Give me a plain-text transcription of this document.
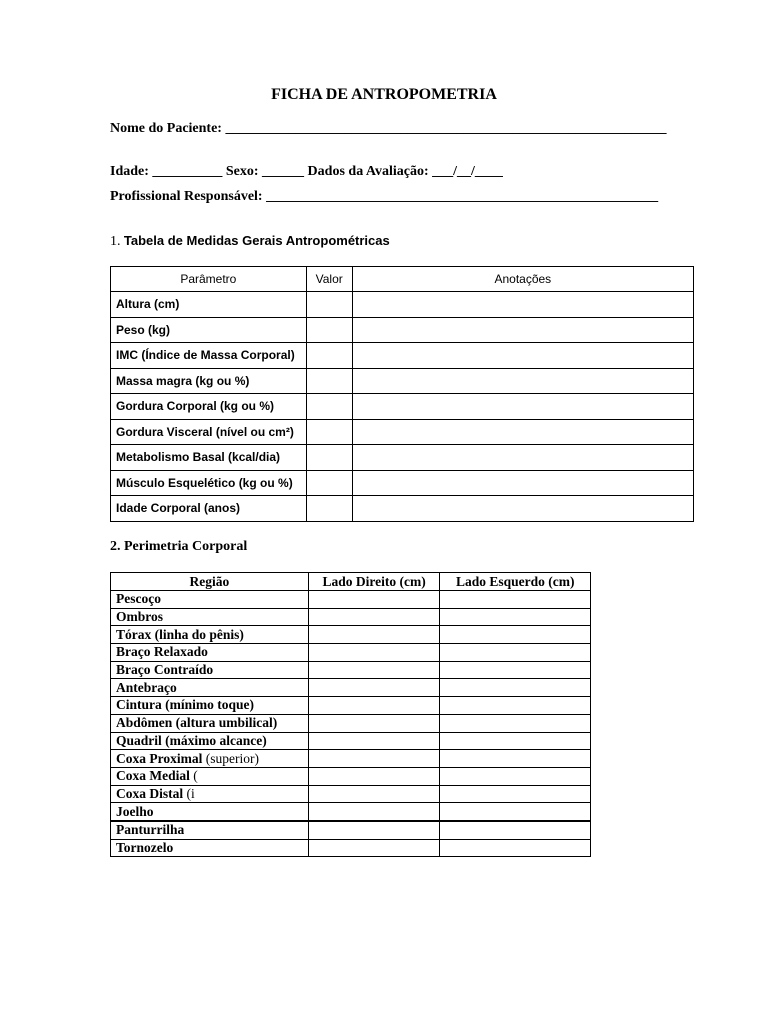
FICHA DE ANTROPOMETRIA
Nome do Paciente: _______________________________________________________________
Idade: __________ Sexo: ______ Dados da Avaliação: ___/__/____
Profissional Responsável: ________________________________________________________
1. Tabela de Medidas Gerais Antropométricas
Parâmetro	Valor	Anotações
Altura (cm)		
Peso (kg)		
IMC (Índice de Massa Corporal)		
Massa magra (kg ou %)		
Gordura Corporal (kg ou %)		
Gordura Visceral (nível ou cm²)		
Metabolismo Basal (kcal/dia)		
Músculo Esquelético (kg ou %)		
Idade Corporal (anos)		
2. Perimetria Corporal
Região	Lado Direito (cm)	Lado Esquerdo (cm)
Pescoço		
Ombros		
Tórax (linha do pênis)		
Braço Relaxado		
Braço Contraído		
Antebraço		
Cintura (mínimo toque)		
Abdômen (altura umbilical)		
Quadril (máximo alcance)		
Coxa Proximal (superior)		
Coxa Medial (		
Coxa Distal (i		
Joelho		
Panturrilha		
Tornozelo		
